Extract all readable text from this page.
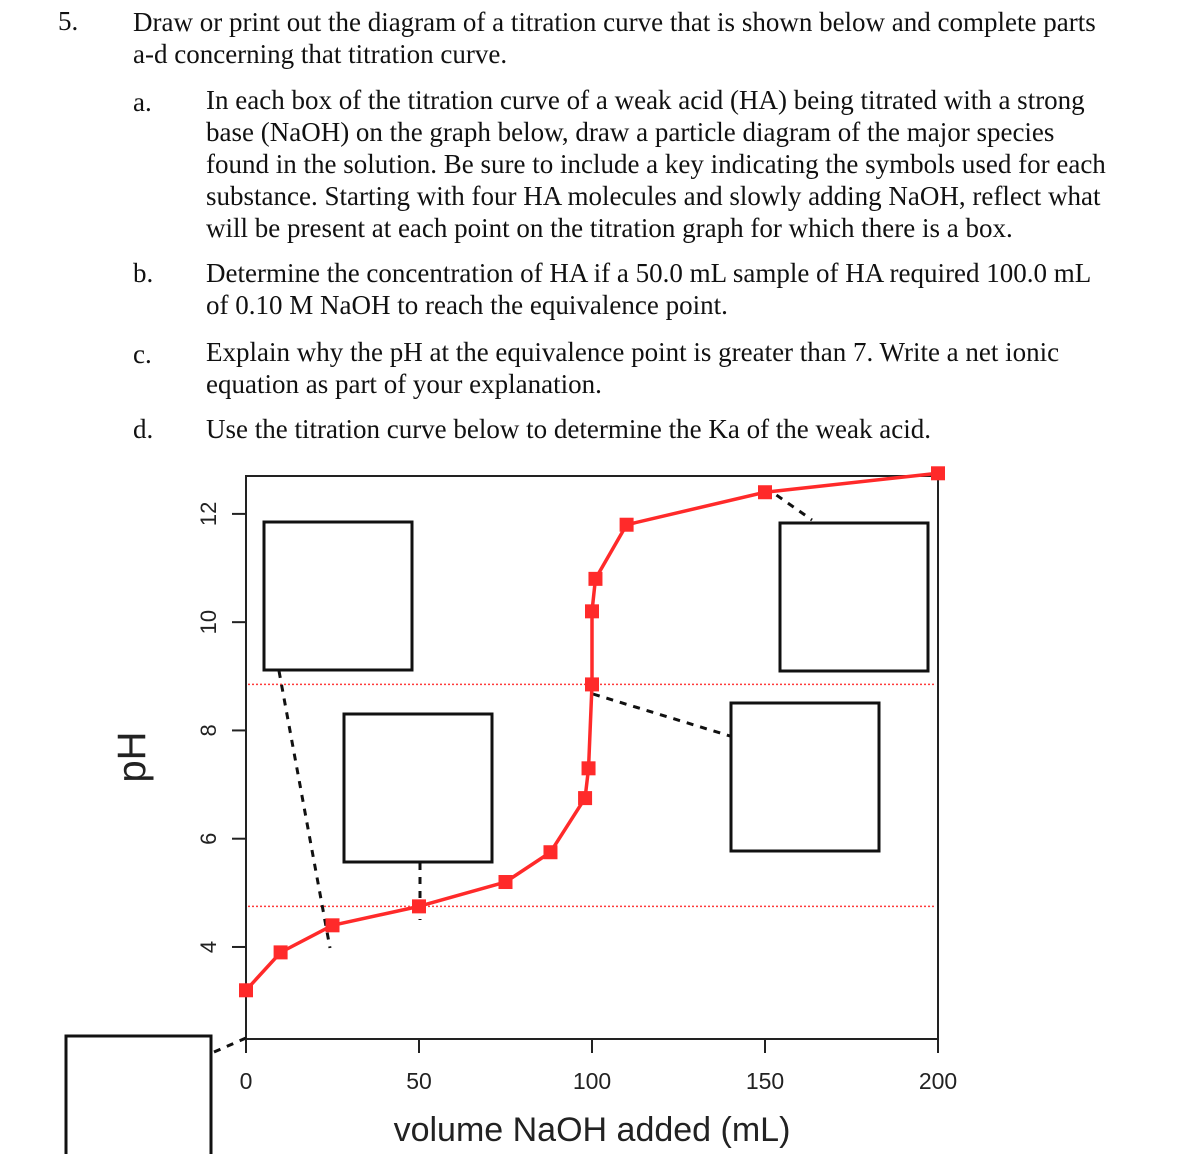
5. Draw or print out the diagram of a titration curve that is shown below and complete parts
a-d concerning that titration curve.
a. In each box of the titration curve of a weak acid (HA) being titrated with a strong
base (NaOH) on the graph below, draw a particle diagram of the major species
found in the solution. Be sure to include a key indicating the symbols used for each
substance. Starting with four HA molecules and slowly adding NaOH, reflect what
will be present at each point on the titration graph for which there is a box.
b. Determine the concentration of HA if a 50.0 mL sample of HA required 100.0 mL
of 0.10 M NaOH to reach the equivalence point.
c. Explain why the pH at the equivalence point is greater than 7. Write a net ionic
equation as part of your explanation.
d. Use the titration curve below to determine the Ka of the weak acid.
4
6
8
10
12
0	50	100	150	200
pH
volume NaOH added (mL)
